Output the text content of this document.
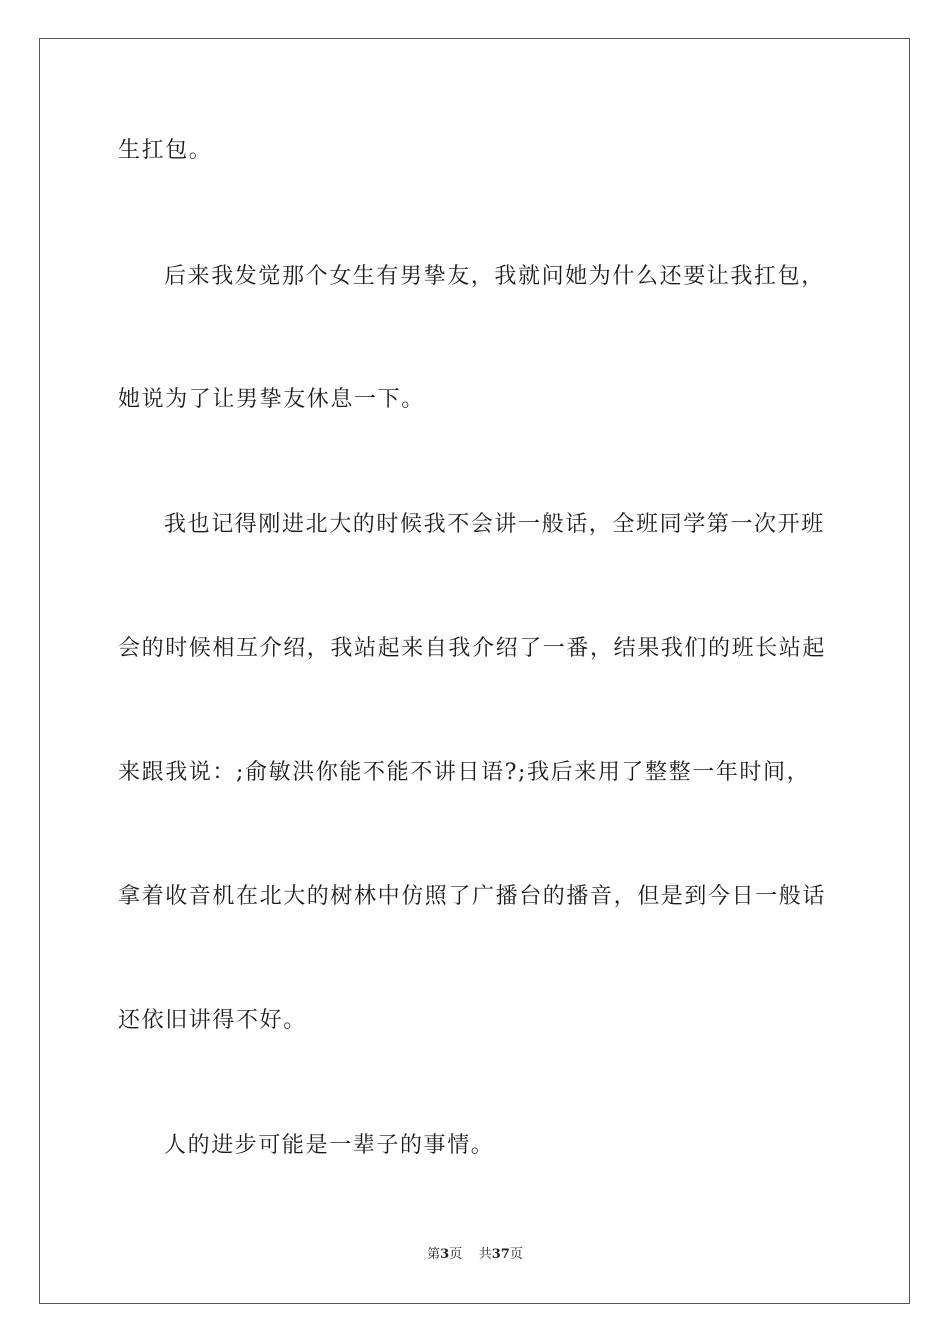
生扛包。
后来我发觉那个女生有男挚友，我就问她为什么还要让我扛包，
她说为了让男挚友休息一下。
我也记得刚进北大的时候我不会讲一般话，全班同学第一次开班
会的时候相互介绍，我站起来自我介绍了一番，结果我们的班长站起
来跟我说：;俞敏洪你能不能不讲日语?;我后来用了整整一年时间，
拿着收音机在北大的树林中仿照了广播台的播音，但是到今日一般话
还依旧讲得不好。
人的进步可能是一辈子的事情。
第3页 共37页
